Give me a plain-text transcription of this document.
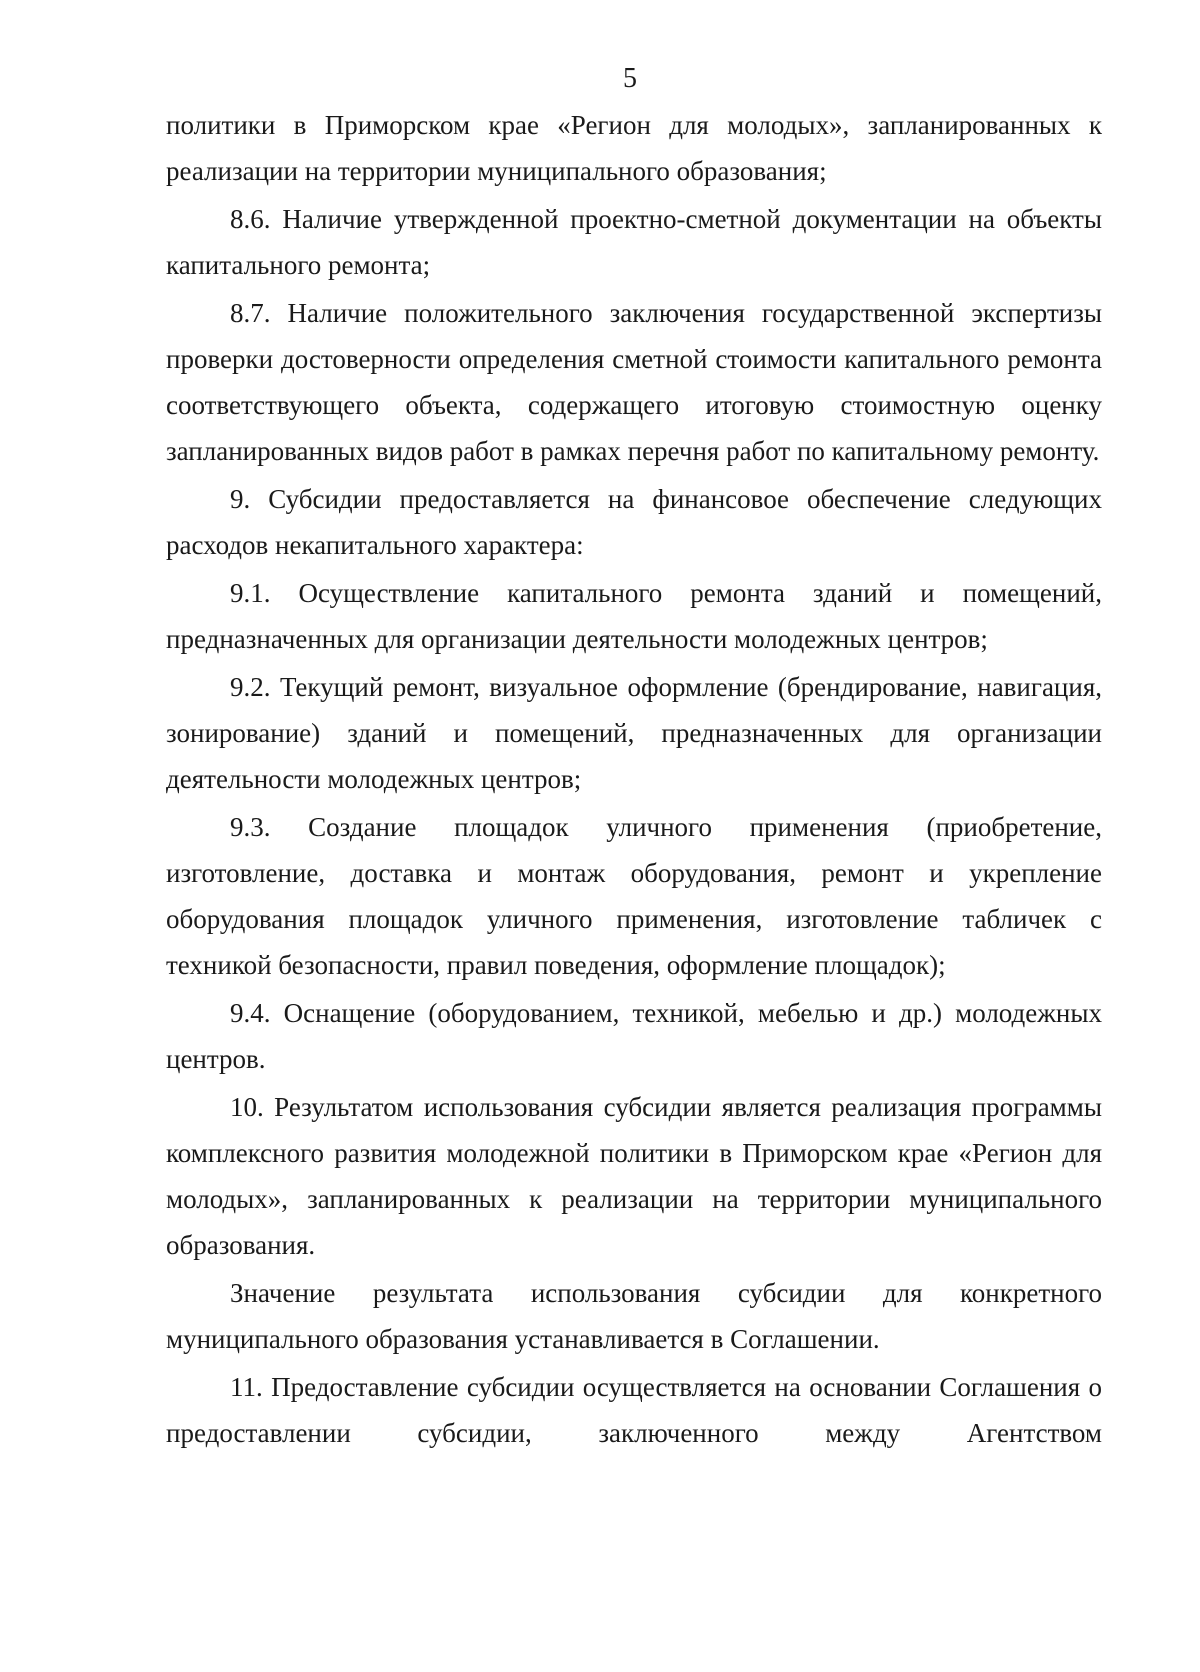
5

политики в Приморском крае «Регион для молодых», запланированных к реализации на территории муниципального образования;

8.6. Наличие утвержденной проектно-сметной документации на объекты капитального ремонта;

8.7. Наличие положительного заключения государственной экспертизы проверки достоверности определения сметной стоимости капитального ремонта соответствующего объекта, содержащего итоговую стоимостную оценку запланированных видов работ в рамках перечня работ по капитальному ремонту.

9. Субсидии предоставляется на финансовое обеспечение следующих расходов некапитального характера:

9.1. Осуществление капитального ремонта зданий и помещений, предназначенных для организации деятельности молодежных центров;

9.2. Текущий ремонт, визуальное оформление (брендирование, навигация, зонирование) зданий и помещений, предназначенных для организации деятельности молодежных центров;

9.3. Создание площадок уличного применения (приобретение, изготовление, доставка и монтаж оборудования, ремонт и укрепление оборудования площадок уличного применения, изготовление табличек с техникой безопасности, правил поведения, оформление площадок);

9.4. Оснащение (оборудованием, техникой, мебелью и др.) молодежных центров.

10. Результатом использования субсидии является реализация программы комплексного развития молодежной политики в Приморском крае «Регион для молодых», запланированных к реализации на территории муниципального образования.

Значение результата использования субсидии для конкретного муниципального образования устанавливается в Соглашении.

11. Предоставление субсидии осуществляется на основании Соглашения о предоставлении субсидии, заключенного между Агентством
